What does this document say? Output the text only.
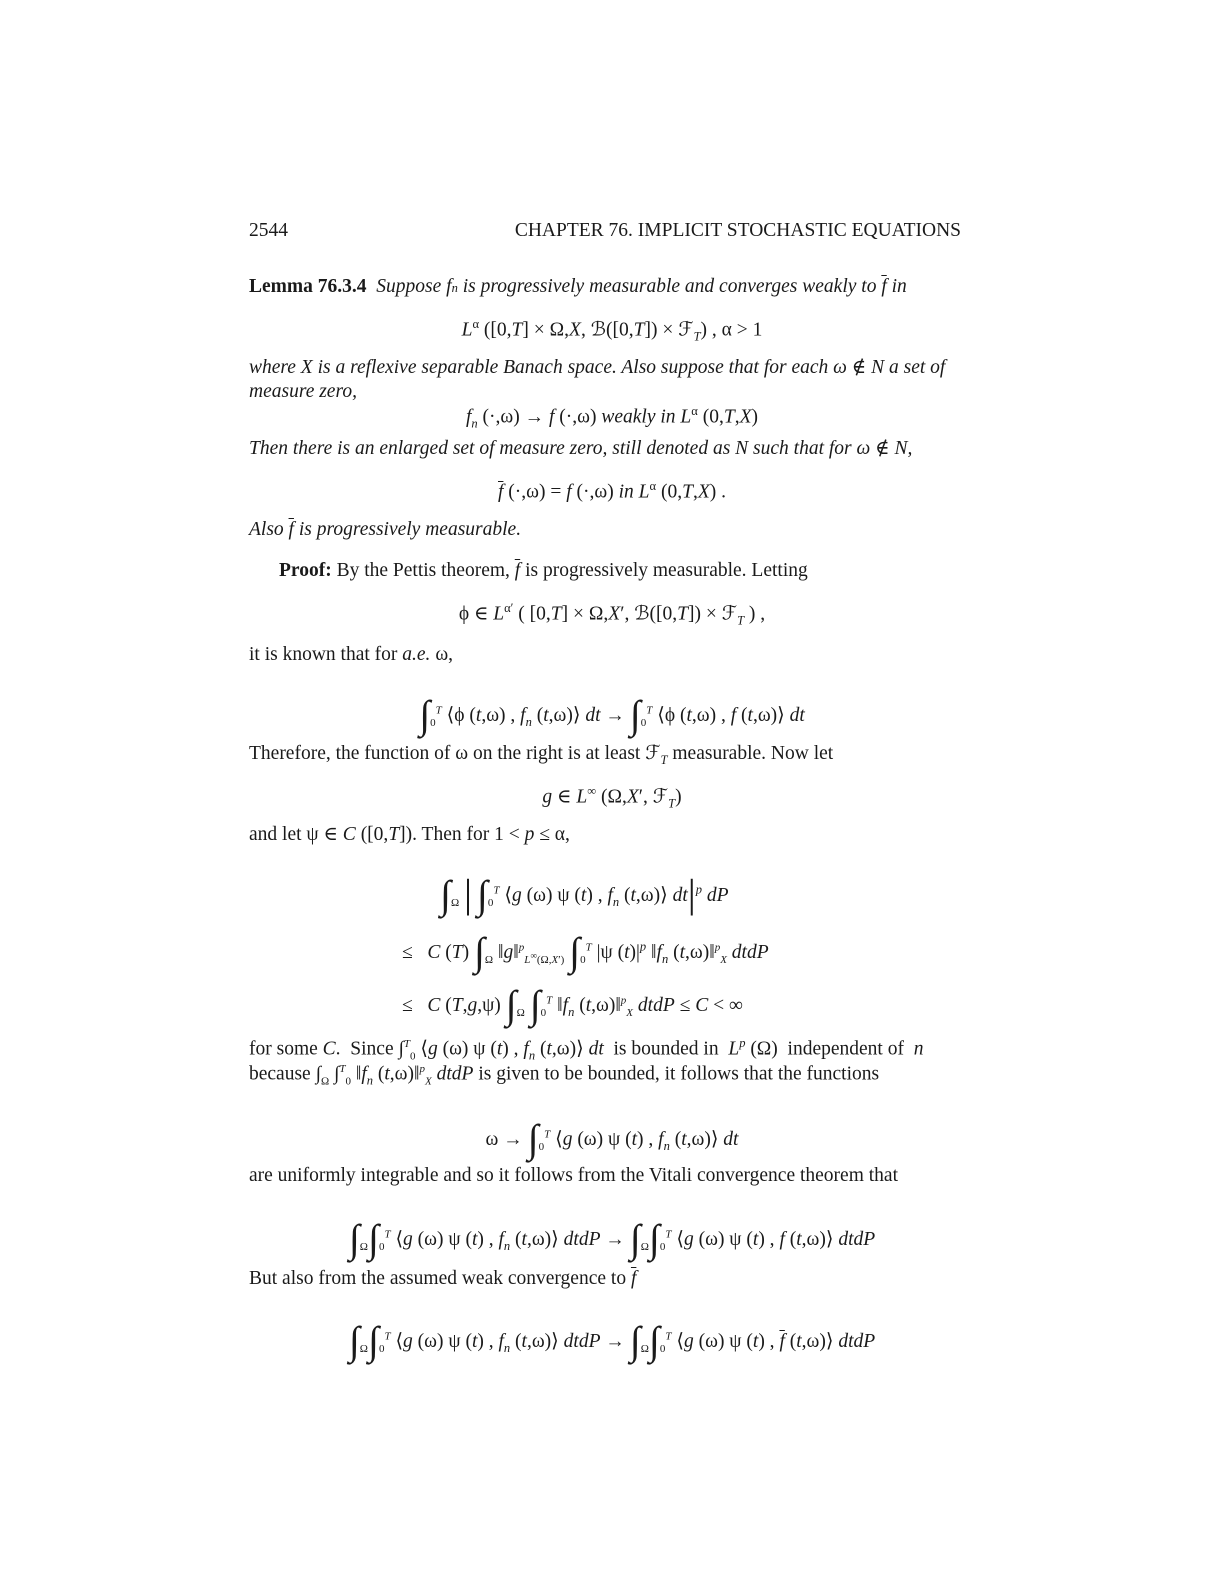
2544	CHAPTER 76. IMPLICIT STOCHASTIC EQUATIONS
Lemma 76.3.4  Suppose fn is progressively measurable and converges weakly to $\overline{f}$ in
$L^\alpha$ ([0,T] × Ω,X, ℬ([0,T]) × ℱ$_T$) , α > 1
where X is a reflexive separable Banach space. Also suppose that for each ω ∉ N a set of
measure zero,
$f_n$ (·,ω) → f (·,ω) weakly in $L^\alpha$ (0,T,X)
Then there is an enlarged set of measure zero, still denoted as N such that for ω ∉ N,
$\overline{f}$ (·,ω) = f (·,ω) in $L^\alpha$ (0,T,X) .
Also $\overline{f}$ is progressively measurable.
Proof: By the Pettis theorem, $\overline{f}$ is progressively measurable. Letting
ϕ ∈ $L^{\alpha'}$ ( [0,T] × Ω,X′, ℬ([0,T]) × ℱ$_T$ ) ,
it is known that for a.e. ω,
$\int_0^T$ ⟨ϕ (t,ω) , $f_n$ (t,ω)⟩ dt → $\int_0^T$ ⟨ϕ (t,ω) , f (t,ω)⟩ dt
Therefore, the function of ω on the right is at least ℱ$_T$ measurable. Now let
g ∈ L∞ (Ω,X′, ℱ$_T$)
and let ψ ∈ C ([0,T]). Then for 1 < p ≤ α,
$\int_\Omega$ | $\int_0^T$ ⟨g (ω) ψ (t) , $f_n$ (t,ω)⟩ $dt|^p$ dP
≤   C (T) $\int_\Omega$ ‖g‖$^p_{L^\infty(\Omega,X')}$ $\int_0^T$ |ψ $(t)|^p$ $‖f_n$ (t,ω)‖$^p_X$ dtdP
≤   C (T,g,ψ) $\int_\Omega$ $\int_0^T$ $‖f_n$ (t,ω)‖$^p_X$ dtdP ≤ C < ∞
for some C.  Since ∫$^T_0$ ⟨g (ω) ψ (t) , $f_n$ (t,ω)⟩ dt  is bounded in  $L^p$ (Ω)  independent of  n
because $\int_\Omega$ ∫$^T_0$ $‖f_n$ (t,ω)‖$^p_X$ dtdP is given to be bounded, it follows that the functions
$\omega \to \int_0^T$ ⟨g (ω) ψ (t) , $f_n$ (t,ω)⟩ dt
are uniformly integrable and so it follows from the Vitali convergence theorem that
$\int_\Omega\int_0^T$ ⟨g (ω) ψ (t) , $f_n$ (t,ω)⟩ dtdP → $\int_\Omega\int_0^T$ ⟨g (ω) ψ (t) , f (t,ω)⟩ dtdP
But also from the assumed weak convergence to $\overline{f}$
$\int_\Omega\int_0^T$ ⟨g (ω) ψ (t) , $f_n$ (t,ω)⟩ dtdP → $\int_\Omega\int_0^T$ ⟨g (ω) ψ (t) , $\overline{f}$ (t,ω)⟩ dtdP
